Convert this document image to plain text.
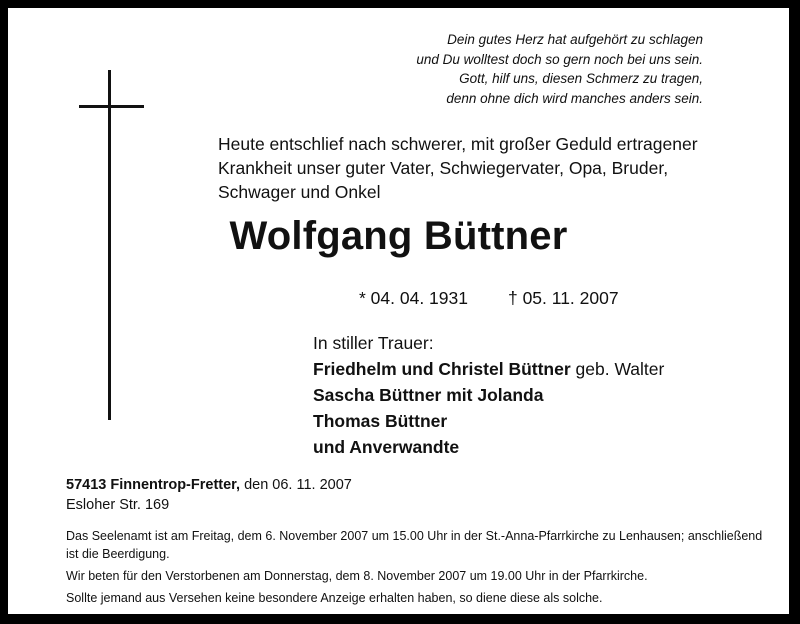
Dein gutes Herz hat aufgehört zu schlagen
und Du wolltest doch so gern noch bei uns sein.
Gott, hilf uns, diesen Schmerz zu tragen,
denn ohne dich wird manches anders sein.
Heute entschlief nach schwerer, mit großer Geduld ertragener
Krankheit unser guter Vater, Schwiegervater, Opa, Bruder,
Schwager und Onkel
Wolfgang Büttner
* 04. 04. 1931 † 05. 11. 2007
In stiller Trauer:
Friedhelm und Christel Büttner geb. Walter
Sascha Büttner mit Jolanda
Thomas Büttner
und Anverwandte
57413 Finnentrop-Fretter, den 06. 11. 2007
Esloher Str. 169

Das Seelenamt ist am Freitag, dem 6. November 2007 um 15.00 Uhr in der St.-Anna-Pfarrkirche zu Lenhausen; anschließend ist die Beerdigung.

Wir beten für den Verstorbenen am Donnerstag, dem 8. November 2007 um 19.00 Uhr in der Pfarrkirche.

Sollte jemand aus Versehen keine besondere Anzeige erhalten haben, so diene diese als solche.
